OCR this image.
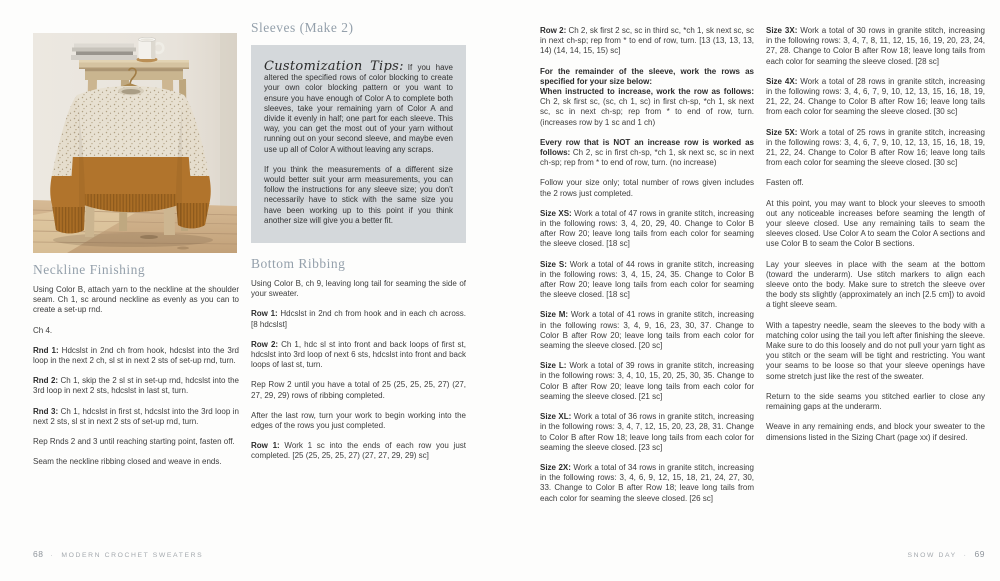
Neckline Finishing

Using Color B, attach yarn to the neckline at the shoulder seam. Ch 1, sc around neckline as evenly as you can to create a set-up rnd.

Ch 4.

Rnd 1: Hdcslst in 2nd ch from hook, hdcslst into the 3rd loop in the next 2 ch, sl st in next 2 sts of set-up rnd, turn.

Rnd 2: Ch 1, skip the 2 sl st in set-up rnd, hdcslst into the 3rd loop in next 2 sts, hdcslst in last st, turn.

Rnd 3: Ch 1, hdcslst in first st, hdcslst into the 3rd loop in next 2 sts, sl st in next 2 sts of set-up rnd, turn.

Rep Rnds 2 and 3 until reaching starting point, fasten off.

Seam the neckline ribbing closed and weave in ends.

Sleeves (Make 2)

Customization Tips: If you have altered the specified rows of color blocking to create your own color blocking pattern or you want to ensure you have enough of Color A to complete both sleeves, take your remaining yarn of Color A and divide it evenly in half; one part for each sleeve. This way, you can get the most out of your yarn without running out on your second sleeve, and maybe even use up all of Color A without leaving any scraps.

If you think the measurements of a different size would better suit your arm measurements, you can follow the instructions for any sleeve size; you don't necessarily have to stick with the same size you have been working up to this point if you think another size will give you a better fit.

Bottom Ribbing

Using Color B, ch 9, leaving long tail for seaming the side of your sweater.

Row 1: Hdcslst in 2nd ch from hook and in each ch across. [8 hdcslst]

Row 2: Ch 1, hdc sl st into front and back loops of first st, hdcslst into 3rd loop of next 6 sts, hdcslst into front and back loops of last st, turn.

Rep Row 2 until you have a total of 25 (25, 25, 25, 27) (27, 27, 29, 29) rows of ribbing completed.

After the last row, turn your work to begin working into the edges of the rows you just completed.

Row 1: Work 1 sc into the ends of each row you just completed. [25 (25, 25, 25, 27) (27, 27, 29, 29) sc]

Row 2: Ch 2, sk first 2 sc, sc in third sc, *ch 1, sk next sc, sc in next ch-sp; rep from * to end of row, turn. [13 (13, 13, 13, 14) (14, 14, 15, 15) sc]

For the remainder of the sleeve, work the rows as specified for your size below:

When instructed to increase, work the row as follows: Ch 2, sk first sc, (sc, ch 1, sc) in first ch-sp, *ch 1, sk next sc, sc in next ch-sp; rep from * to end of row, turn. (increases row by 1 sc and 1 ch)

Every row that is NOT an increase row is worked as follows: Ch 2, sc in first ch-sp, *ch 1, sk next sc, sc in next ch-sp; rep from * to end of row, turn. (no increase)

Follow your size only; total number of rows given includes the 2 rows just completed.

Size XS: Work a total of 47 rows in granite stitch, increasing in the following rows: 3, 4, 20, 29, 40. Change to Color B after Row 20; leave long tails from each color for seaming the sleeve closed. [18 sc]

Size S: Work a total of 44 rows in granite stitch, increasing in the following rows: 3, 4, 15, 24, 35. Change to Color B after Row 20; leave long tails from each color for seaming the sleeve closed. [18 sc]

Size M: Work a total of 41 rows in granite stitch, increasing in the following rows: 3, 4, 9, 16, 23, 30, 37. Change to Color B after Row 20; leave long tails from each color for seaming the sleeve closed. [20 sc]

Size L: Work a total of 39 rows in granite stitch, increasing in the following rows: 3, 4, 10, 15, 20, 25, 30, 35. Change to Color B after Row 20; leave long tails from each color for seaming the sleeve closed. [21 sc]

Size XL: Work a total of 36 rows in granite stitch, increasing in the following rows: 3, 4, 7, 12, 15, 20, 23, 28, 31. Change to Color B after Row 18; leave long tails from each color for seaming the sleeve closed. [23 sc]

Size 2X: Work a total of 34 rows in granite stitch, increasing in the following rows: 3, 4, 6, 9, 12, 15, 18, 21, 24, 27, 30, 33. Change to Color B after Row 18; leave long tails from each color for seaming the sleeve closed. [26 sc]

Size 3X: Work a total of 30 rows in granite stitch, increasing in the following rows: 3, 4, 7, 8, 11, 12, 15, 16, 19, 20, 23, 24, 27, 28. Change to Color B after Row 18; leave long tails from each color for seaming the sleeve closed. [28 sc]

Size 4X: Work a total of 28 rows in granite stitch, increasing in the following rows: 3, 4, 6, 7, 9, 10, 12, 13, 15, 16, 18, 19, 21, 22, 24. Change to Color B after Row 16; leave long tails from each color for seaming the sleeve closed. [30 sc]

Size 5X: Work a total of 25 rows in granite stitch, increasing in the following rows: 3, 4, 6, 7, 9, 10, 12, 13, 15, 16, 18, 19, 21, 22, 24. Change to Color B after Row 16; leave long tails from each color for seaming the sleeve closed. [30 sc]

Fasten off.

At this point, you may want to block your sleeves to smooth out any noticeable increases before seaming the length of your sleeve closed. Use any remaining tails to seam the sleeves closed. Use Color A to seam the Color A sections and use Color B to seam the Color B sections.

Lay your sleeves in place with the seam at the bottom (toward the underarm). Use stitch markers to align each sleeve onto the body. Make sure to stretch the sleeve over the body sts slightly (approximately an inch [2.5 cm]) to avoid a tight sleeve seam.

With a tapestry needle, seam the sleeves to the body with a matching color using the tail you left after finishing the sleeve. Make sure to do this loosely and do not pull your yarn tight as you stitch or the seam will be tight and restricting. You want your seams to be loose so that your sleeve openings have some stretch just like the rest of the sweater.

Return to the side seams you stitched earlier to close any remaining gaps at the underarm.

Weave in any remaining ends, and block your sweater to the dimensions listed in the Sizing Chart (page xx) if desired.

68 · MODERN CROCHET SWEATERS	SNOW DAY · 69
